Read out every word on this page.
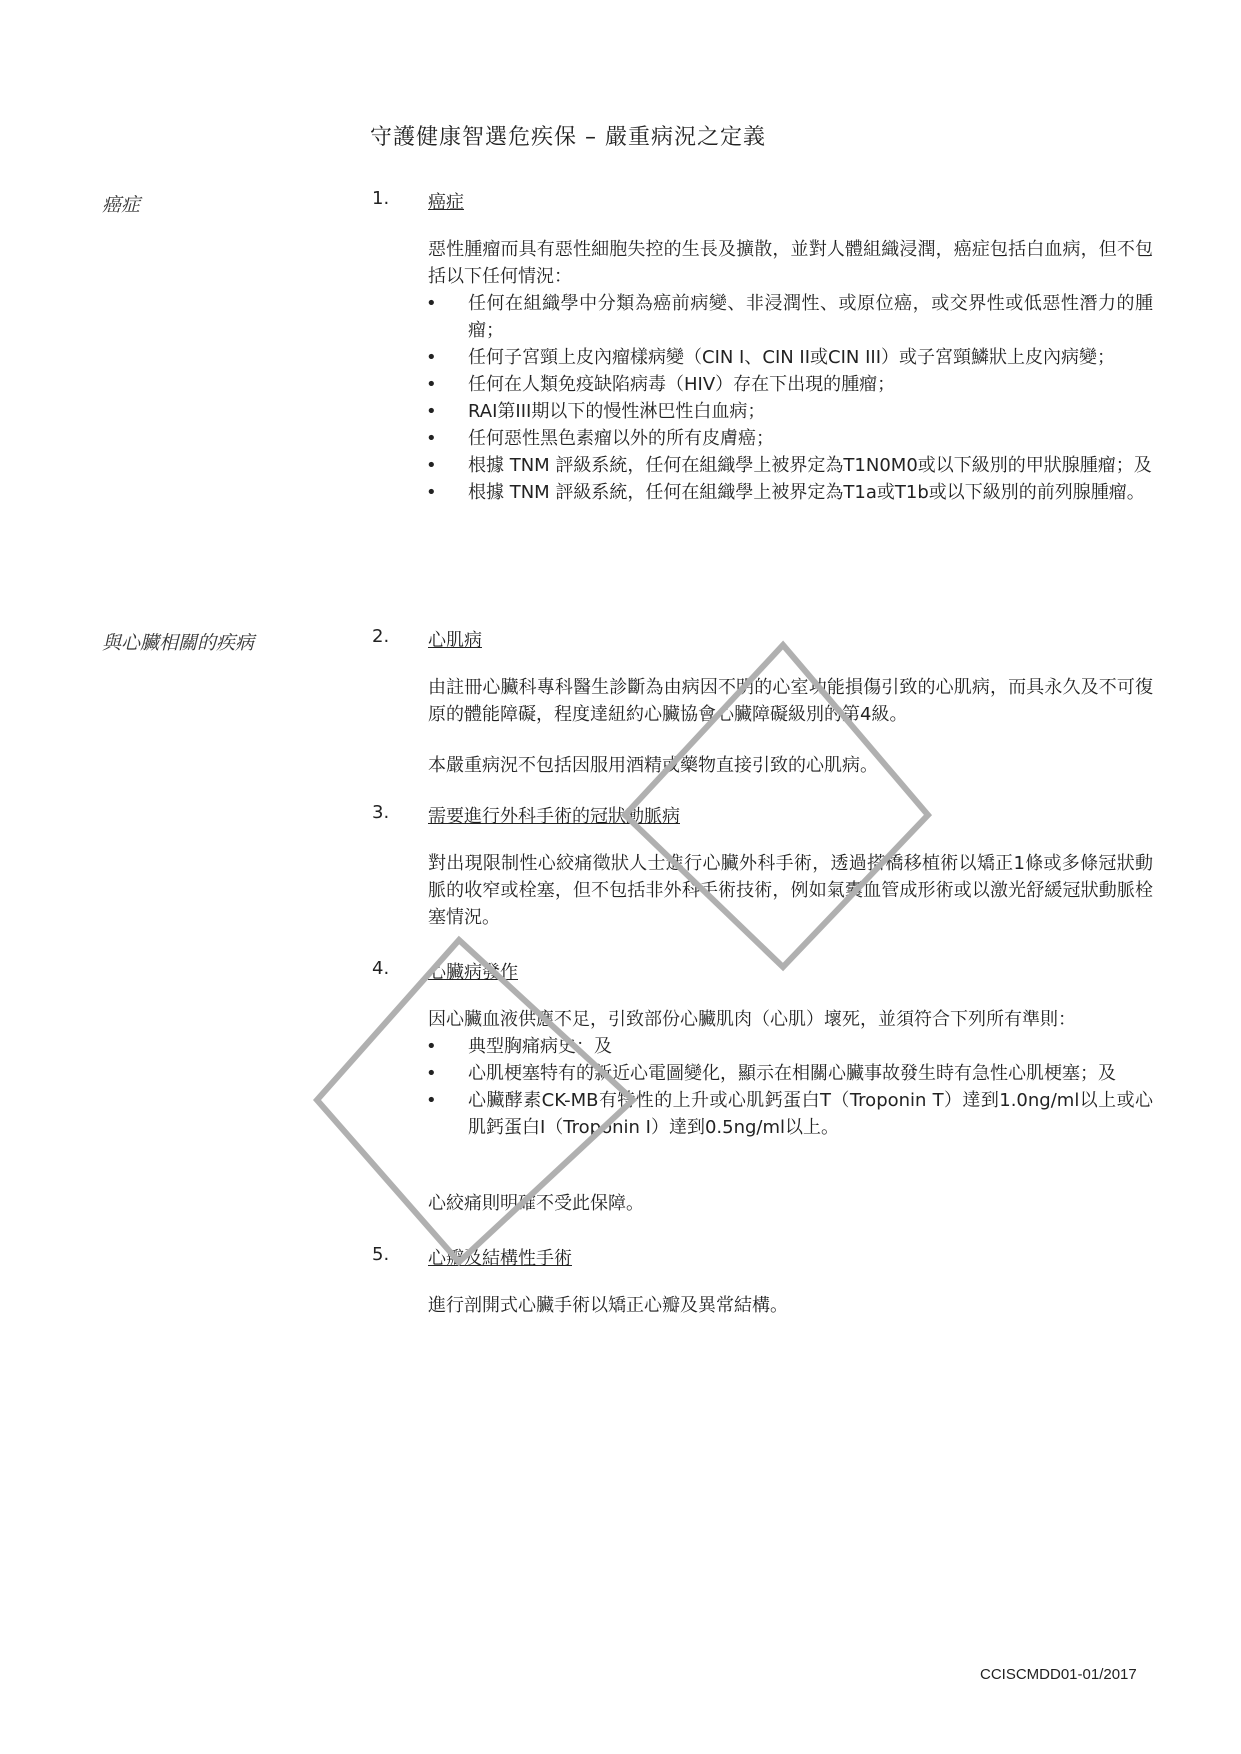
守護健康智選危疾保 – 嚴重病況之定義
癌症	1. 癌症
惡性腫瘤而具有惡性細胞失控的生長及擴散，並對人體組織浸潤，癌症包括白血病，但不包括以下任何情況：
• 任何在組織學中分類為癌前病變、非浸潤性、或原位癌，或交界性或低惡性潛力的腫瘤；
• 任何子宮頸上皮內瘤樣病變（CIN I、CIN II或CIN III）或子宮頸鱗狀上皮內病變；
• 任何在人類免疫缺陷病毒（HIV）存在下出現的腫瘤；
• RAI第III期以下的慢性淋巴性白血病；
• 任何惡性黑色素瘤以外的所有皮膚癌；
• 根據 TNM 評級系統，任何在組織學上被界定為T1N0M0或以下級別的甲狀腺腫瘤；及
• 根據 TNM 評級系統，任何在組織學上被界定為T1a或T1b或以下級別的前列腺腫瘤。
與心臟相關的疾病	2. 心肌病
由註冊心臟科專科醫生診斷為由病因不明的心室功能損傷引致的心肌病，而具永久及不可復原的體能障礙，程度達紐約心臟協會心臟障礙級別的第4級。
本嚴重病況不包括因服用酒精或藥物直接引致的心肌病。
3. 需要進行外科手術的冠狀動脈病
對出現限制性心絞痛徵狀人士進行心臟外科手術，透過搭橋移植術以矯正1條或多條冠狀動脈的收窄或栓塞，但不包括非外科手術技術，例如氣囊血管成形術或以激光舒緩冠狀動脈栓塞情況。
4. 心臟病發作
因心臟血液供應不足，引致部份心臟肌肉（心肌）壞死，並須符合下列所有準則：
• 典型胸痛病史；及
• 心肌梗塞特有的新近心電圖變化，顯示在相關心臟事故發生時有急性心肌梗塞；及
• 心臟酵素CK-MB有特性的上升或心肌鈣蛋白T（Troponin T）達到1.0ng/ml以上或心肌鈣蛋白I（Troponin I）達到0.5ng/ml以上。
心絞痛則明確不受此保障。
5. 心瓣及結構性手術
進行剖開式心臟手術以矯正心瓣及異常結構。
CCISCMDD01-01/2017
